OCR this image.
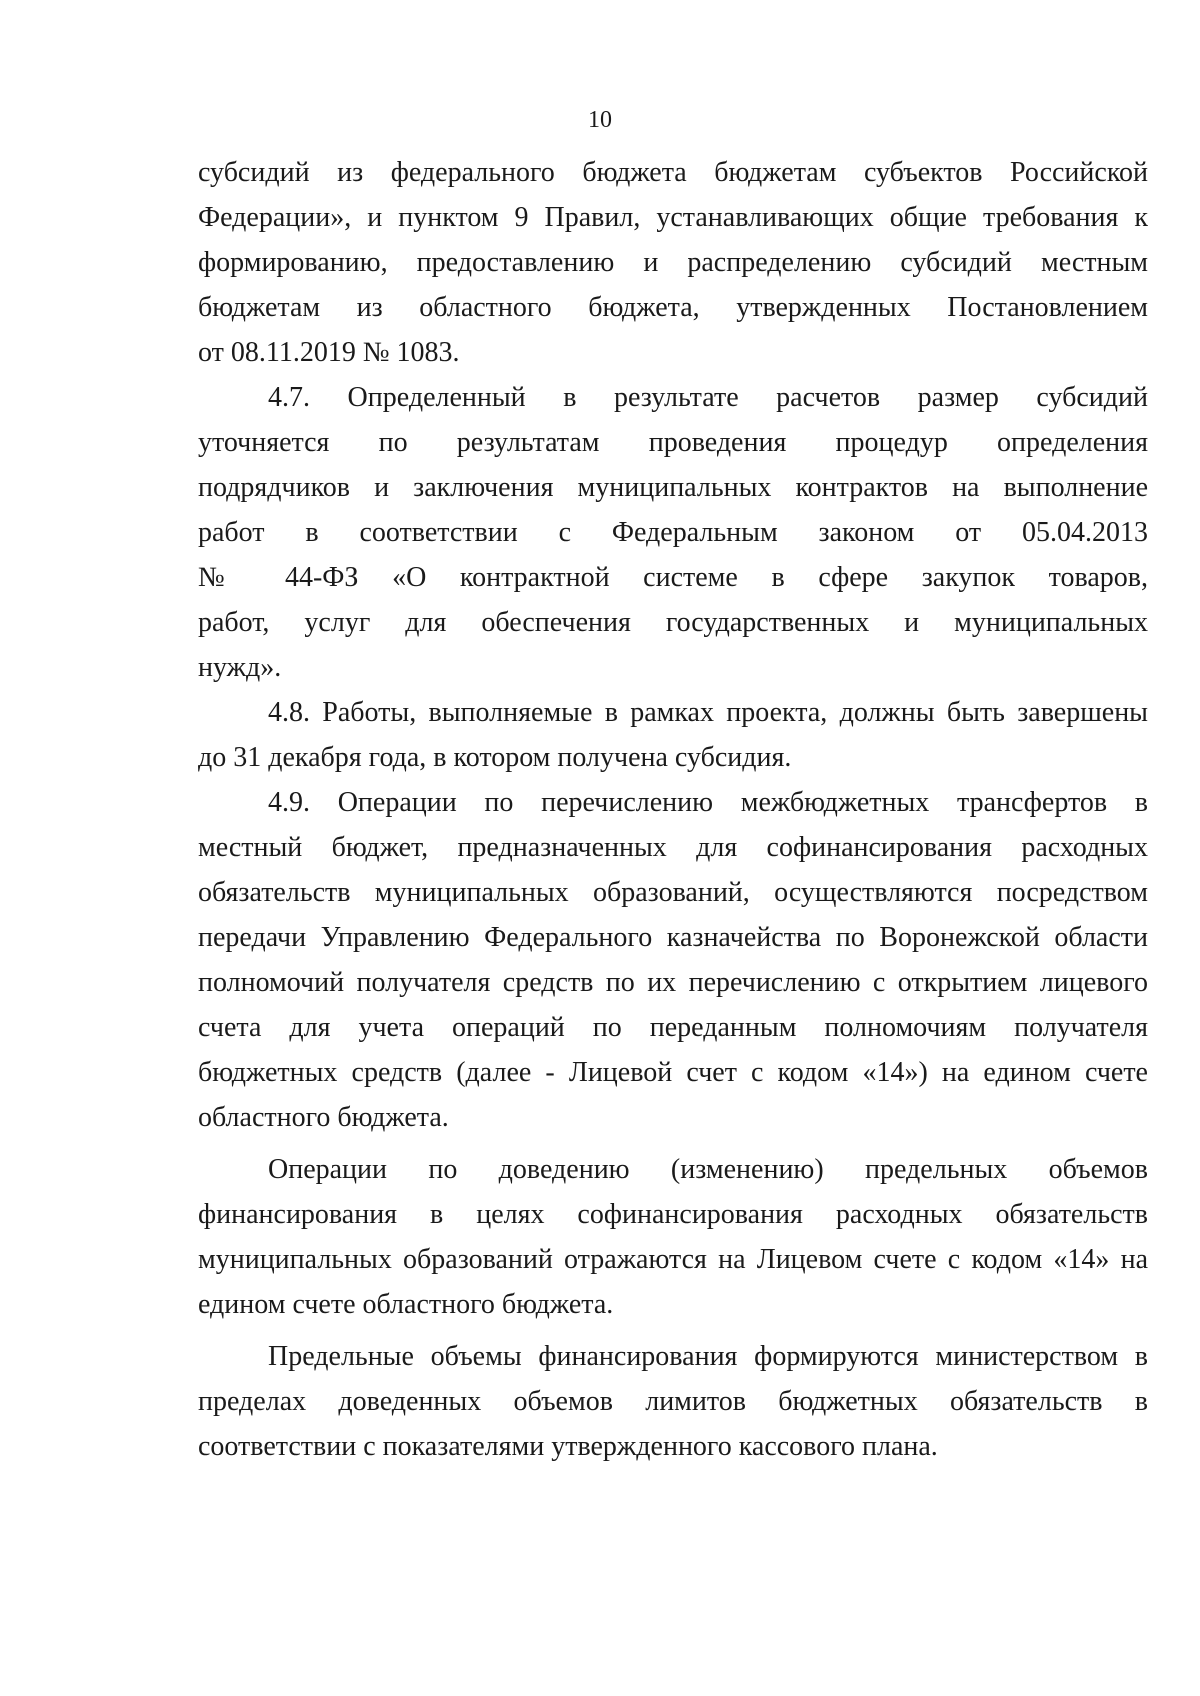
10
субсидий из федерального бюджета бюджетам субъектов Российской
Федерации», и пунктом 9 Правил, устанавливающих общие требования к
формированию, предоставлению и распределению субсидий местным
бюджетам из областного бюджета, утвержденных Постановлением
от 08.11.2019 № 1083.
4.7. Определенный в результате расчетов размер субсидий
уточняется по результатам проведения процедур определения
подрядчиков и заключения муниципальных контрактов на выполнение
работ в соответствии с Федеральным законом от 05.04.2013
№ 44-ФЗ «О контрактной системе в сфере закупок товаров,
работ, услуг для обеспечения государственных и муниципальных
нужд».
4.8. Работы, выполняемые в рамках проекта, должны быть завершены
до 31 декабря года, в котором получена субсидия.
4.9. Операции по перечислению межбюджетных трансфертов в
местный бюджет, предназначенных для софинансирования расходных
обязательств муниципальных образований, осуществляются посредством
передачи Управлению Федерального казначейства по Воронежской области
полномочий получателя средств по их перечислению с открытием лицевого
счета для учета операций по переданным полномочиям получателя
бюджетных средств (далее - Лицевой счет с кодом «14») на едином счете
областного бюджета.
Операции по доведению (изменению) предельных объемов
финансирования в целях софинансирования расходных обязательств
муниципальных образований отражаются на Лицевом счете с кодом «14» на
едином счете областного бюджета.
Предельные объемы финансирования формируются министерством в
пределах доведенных объемов лимитов бюджетных обязательств в
соответствии с показателями утвержденного кассового плана.
